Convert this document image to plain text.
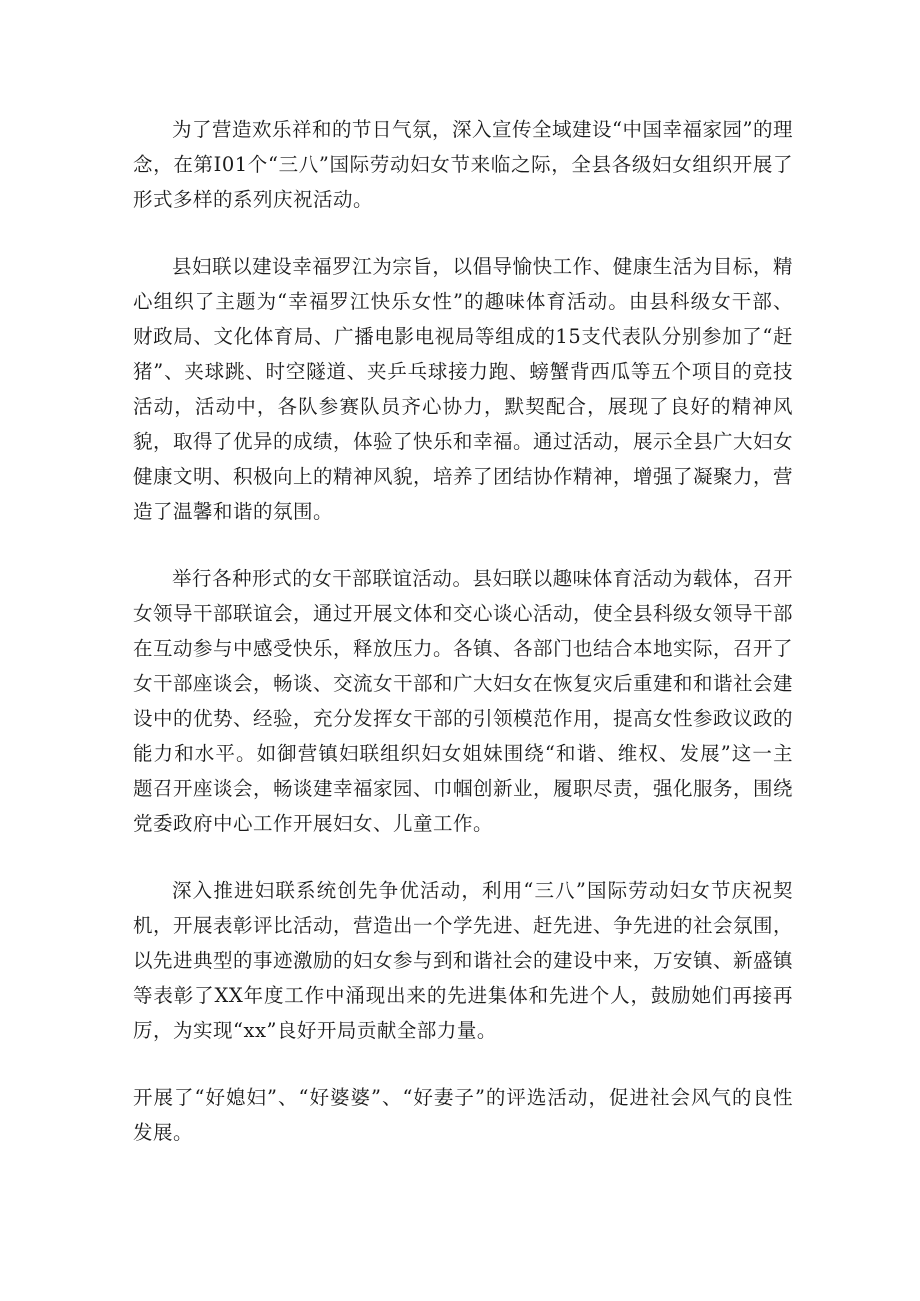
为了营造欢乐祥和的节日气氛，深入宣传全域建设“中国幸福家园”的理念，在第I01个“三八”国际劳动妇女节来临之际，全县各级妇女组织开展了形式多样的系列庆祝活动。

县妇联以建设幸福罗江为宗旨，以倡导愉快工作、健康生活为目标，精心组织了主题为“幸福罗江快乐女性”的趣味体育活动。由县科级女干部、财政局、文化体育局、广播电影电视局等组成的15支代表队分别参加了“赶猪”、夹球跳、时空隧道、夹乒乓球接力跑、螃蟹背西瓜等五个项目的竞技活动，活动中，各队参赛队员齐心协力，默契配合，展现了良好的精神风貌，取得了优异的成绩，体验了快乐和幸福。通过活动，展示全县广大妇女健康文明、积极向上的精神风貌，培养了团结协作精神，增强了凝聚力，营造了温馨和谐的氛围。

举行各种形式的女干部联谊活动。县妇联以趣味体育活动为载体，召开女领导干部联谊会，通过开展文体和交心谈心活动，使全县科级女领导干部在互动参与中感受快乐，释放压力。各镇、各部门也结合本地实际，召开了女干部座谈会，畅谈、交流女干部和广大妇女在恢复灾后重建和和谐社会建设中的优势、经验，充分发挥女干部的引领模范作用，提高女性参政议政的能力和水平。如御营镇妇联组织妇女姐妹围绕“和谐、维权、发展”这一主题召开座谈会，畅谈建幸福家园、巾帼创新业，履职尽责，强化服务，围绕党委政府中心工作开展妇女、儿童工作。

深入推进妇联系统创先争优活动，利用“三八”国际劳动妇女节庆祝契机，开展表彰评比活动，营造出一个学先进、赶先进、争先进的社会氛围，以先进典型的事迹激励的妇女参与到和谐社会的建设中来，万安镇、新盛镇等表彰了XX年度工作中涌现出来的先进集体和先进个人，鼓励她们再接再厉，为实现“xx”良好开局贡献全部力量。

开展了“好媳妇”、“好婆婆”、“好妻子”的评选活动，促进社会风气的良性发展。
